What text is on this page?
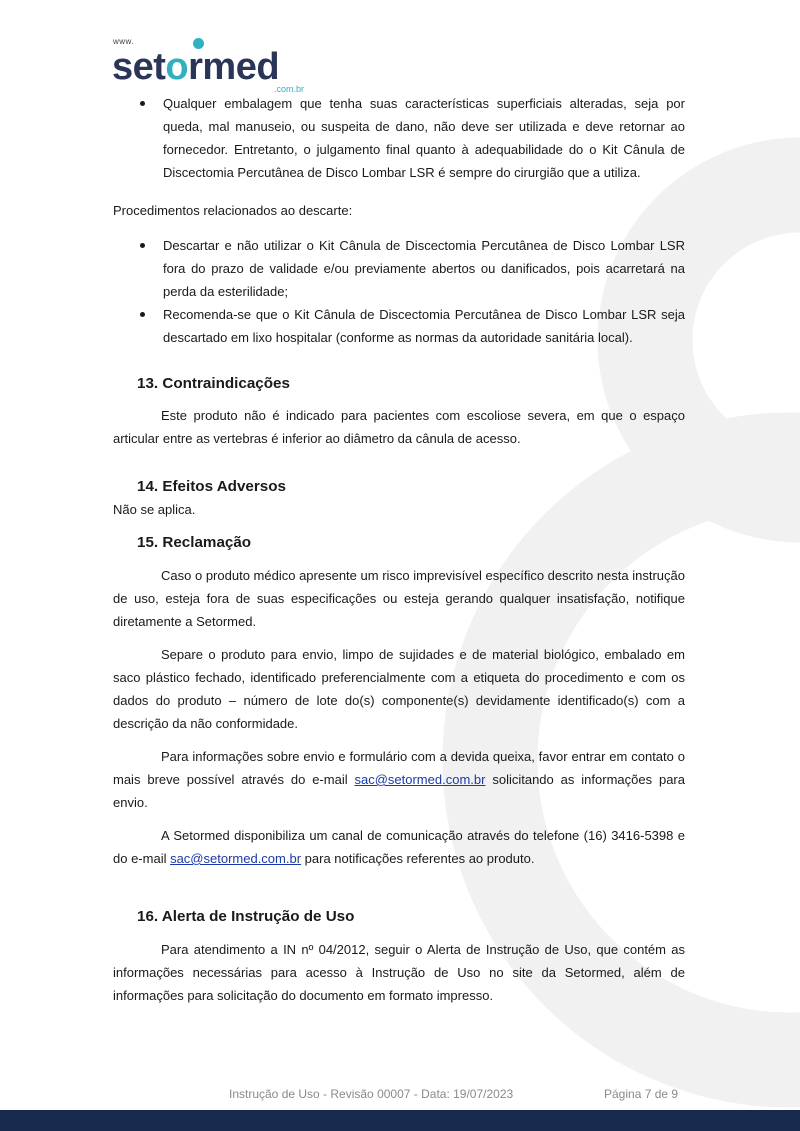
www.
setormed
.com.br
Qualquer embalagem que tenha suas características superficiais alteradas, seja por queda, mal manuseio, ou suspeita de dano, não deve ser utilizada e deve retornar ao fornecedor. Entretanto, o julgamento final quanto à adequabilidade do o Kit Cânula de Discectomia Percutânea de Disco Lombar LSR é sempre do cirurgião que a utiliza.

Procedimentos relacionados ao descarte:

Descartar e não utilizar o Kit Cânula de Discectomia Percutânea de Disco Lombar LSR fora do prazo de validade e/ou previamente abertos ou danificados, pois acarretará na perda da esterilidade;
Recomenda-se que o Kit Cânula de Discectomia Percutânea de Disco Lombar LSR seja descartado em lixo hospitalar (conforme as normas da autoridade sanitária local).
13. Contraindicações

Este produto não é indicado para pacientes com escoliose severa, em que o espaço articular entre as vertebras é inferior ao diâmetro da cânula de acesso.

14. Efeitos Adversos

Não se aplica.

15. Reclamação

Caso o produto médico apresente um risco imprevisível específico descrito nesta instrução de uso, esteja fora de suas especificações ou esteja gerando qualquer insatisfação, notifique diretamente a Setormed.

Separe o produto para envio, limpo de sujidades e de material biológico, embalado em saco plástico fechado, identificado preferencialmente com a etiqueta do procedimento e com os dados do produto – número de lote do(s) componente(s) devidamente identificado(s) com a descrição da não conformidade.

Para informações sobre envio e formulário com a devida queixa, favor entrar em contato o mais breve possível através do e-mail sac@setormed.com.br solicitando as informações para envio.

A Setormed disponibiliza um canal de comunicação através do telefone (16) 3416-5398 e do e-mail sac@setormed.com.br para notificações referentes ao produto.

16. Alerta de Instrução de Uso

Para atendimento a IN nº 04/2012, seguir o Alerta de Instrução de Uso, que contém as informações necessárias para acesso à Instrução de Uso no site da Setormed, além de informações para solicitação do documento em formato impresso.

Instrução de Uso - Revisão 00007 - Data: 19/07/2023	Página 7 de 9
